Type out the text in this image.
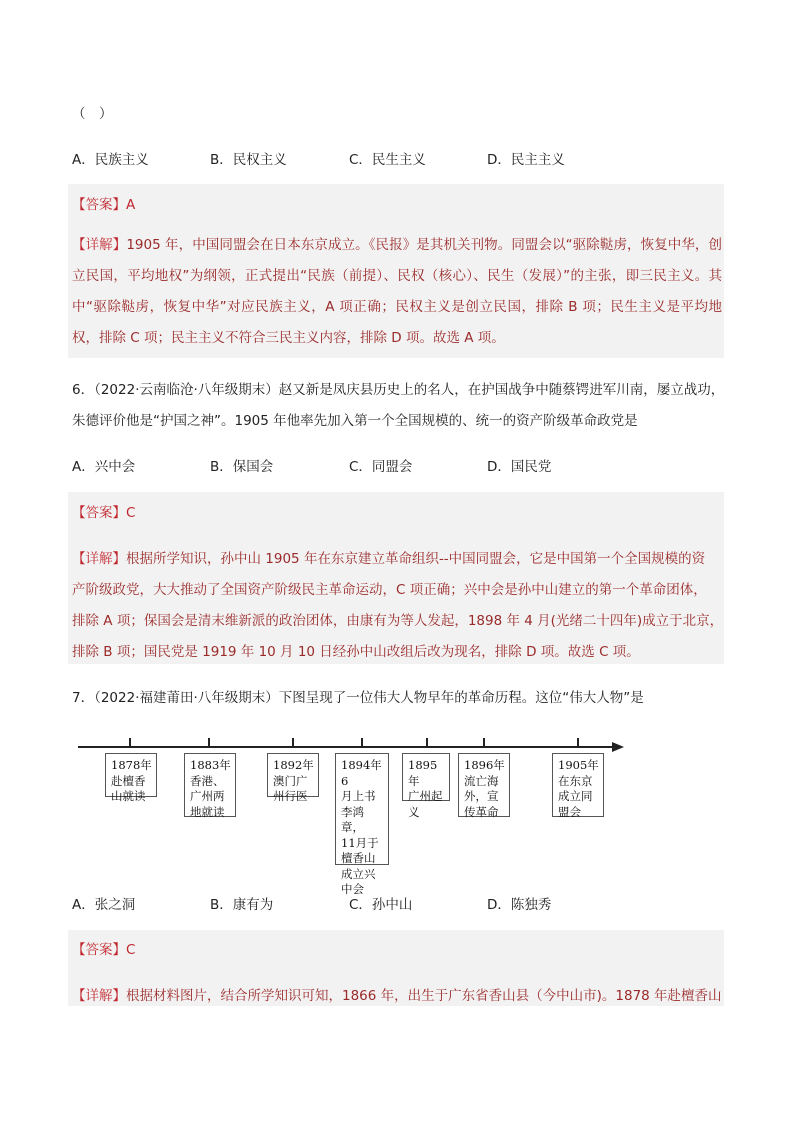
（　）
A．民族主义	B．民权主义	C．民生主义	D．民主主义
【答案】A
【详解】1905 年，中国同盟会在日本东京成立。《民报》是其机关刊物。同盟会以“驱除鞑虏，恢复中华，创立民国，平均地权”为纲领，正式提出“民族（前提）、民权（核心）、民生（发展）”的主张，即三民主义。其中“驱除鞑虏，恢复中华”对应民族主义，A 项正确；民权主义是创立民国，排除 B 项；民生主义是平均地权，排除 C 项；民主主义不符合三民主义内容，排除 D 项。故选 A 项。
6．（2022·云南临沧·八年级期末）赵又新是凤庆县历史上的名人，在护国战争中随蔡锷进军川南，屡立战功，
朱德评价他是“护国之神”。1905 年他率先加入第一个全国规模的、统一的资产阶级革命政党是
A．兴中会	B．保国会	C．同盟会	D．国民党
【答案】C
【详解】根据所学知识，孙中山 1905 年在东京建立革命组织--中国同盟会，它是中国第一个全国规模的资
产阶级政党，大大推动了全国资产阶级民主革命运动，C 项正确；兴中会是孙中山建立的第一个革命团体，
排除 A 项；保国会是清末维新派的政治团体，由康有为等人发起，1898 年 4 月(光绪二十四年)成立于北京，
排除 B 项；国民党是 1919 年 10 月 10 日经孙中山改组后改为现名，排除 D 项。故选 C 项。
7．（2022·福建莆田·八年级期末）下图呈现了一位伟大人物早年的革命历程。这位“伟大人物”是
1878年
赴檀香
山就读
1883年
香港、
广州两
地就读
1892年
澳门广
州行医
1894年6
月上书
李鸿章，
11月于
檀香山
成立兴
中会
1895年
广州起
义
1896年
流亡海
外，宣
传革命
1905年
在东京
成立同
盟会
A．张之洞	B．康有为	C．孙中山	D．陈独秀
【答案】C
【详解】根据材料图片，结合所学知识可知，1866 年，出生于广东省香山县（今中山市)。1878 年赴檀香山
